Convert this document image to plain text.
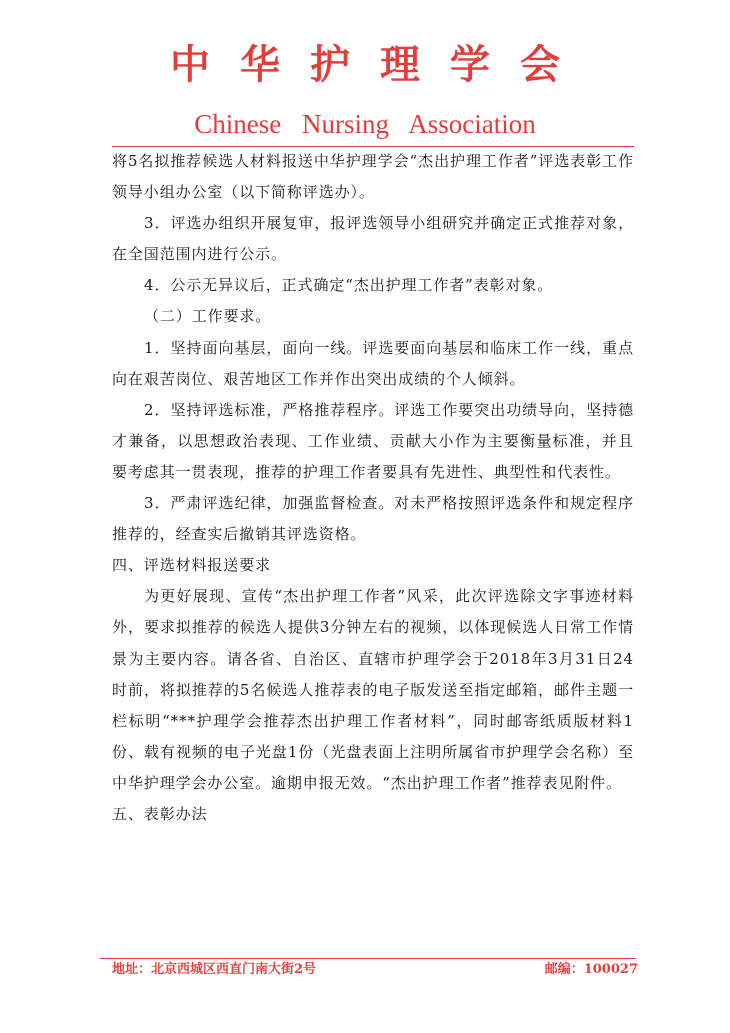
中华护理学会
Chinese Nursing Association

将5名拟推荐候选人材料报送中华护理学会“杰出护理工作者”评选表彰工作领导小组办公室（以下简称评选办）。

3．评选办组织开展复审，报评选领导小组研究并确定正式推荐对象，在全国范围内进行公示。

4．公示无异议后，正式确定“杰出护理工作者”表彰对象。

（二）工作要求。

1．坚持面向基层，面向一线。评选要面向基层和临床工作一线，重点向在艰苦岗位、艰苦地区工作并作出突出成绩的个人倾斜。

2．坚持评选标准，严格推荐程序。评选工作要突出功绩导向，坚持德才兼备，以思想政治表现、工作业绩、贡献大小作为主要衡量标准，并且要考虑其一贯表现，推荐的护理工作者要具有先进性、典型性和代表性。

3．严肃评选纪律，加强监督检查。对未严格按照评选条件和规定程序推荐的，经查实后撤销其评选资格。

四、评选材料报送要求

为更好展现、宣传“杰出护理工作者”风采，此次评选除文字事迹材料外，要求拟推荐的候选人提供3分钟左右的视频，以体现候选人日常工作情景为主要内容。请各省、自治区、直辖市护理学会于2018年3月31日24时前，将拟推荐的5名候选人推荐表的电子版发送至指定邮箱，邮件主题一栏标明“***护理学会推荐杰出护理工作者材料”，同时邮寄纸质版材料1份、载有视频的电子光盘1份（光盘表面上注明所属省市护理学会名称）至中华护理学会办公室。逾期申报无效。“杰出护理工作者”推荐表见附件。

五、表彰办法

地址：北京西城区西直门南大街2号	邮编：100027
